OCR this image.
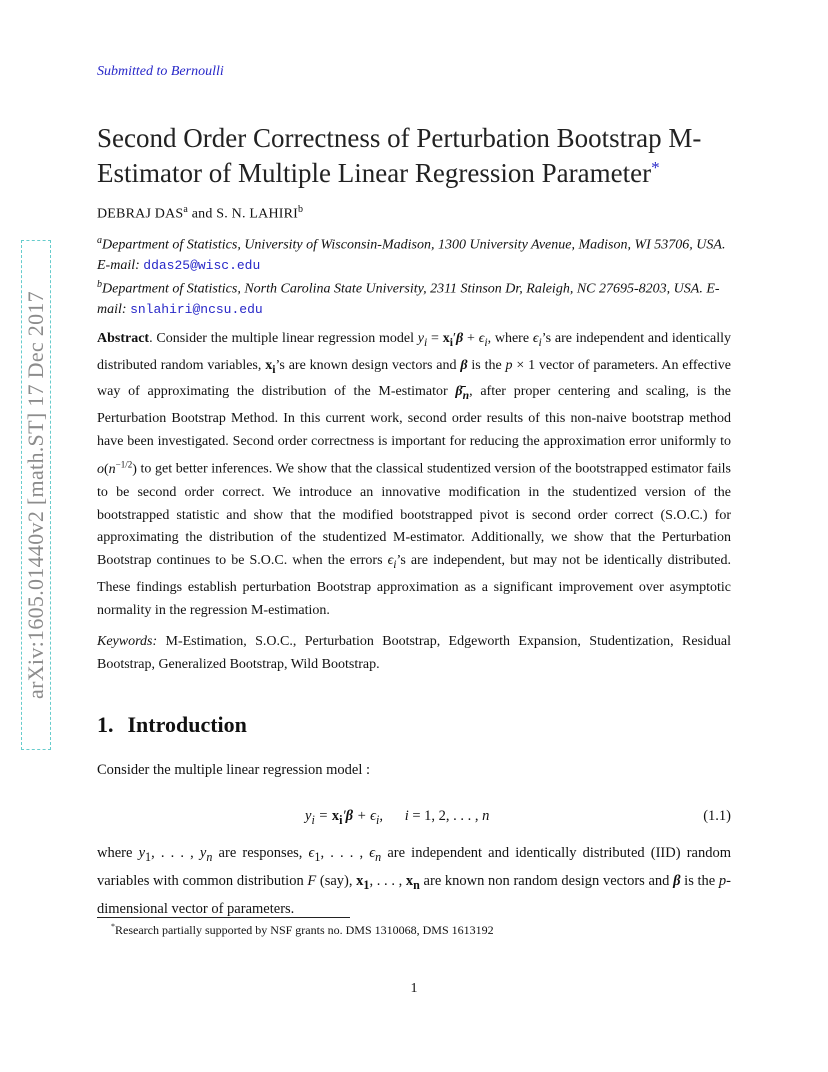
arXiv:1605.01440v2 [math.ST] 17 Dec 2017
Submitted to Bernoulli
Second Order Correctness of Perturbation Bootstrap M-Estimator of Multiple Linear Regression Parameter*
DEBRAJ DAS$^a$ and S. N. LAHIRI$^b$
$^a$Department of Statistics, University of Wisconsin-Madison, 1300 University Avenue, Madison, WI 53706, USA. E-mail: ddas25@wisc.edu
$^b$Department of Statistics, North Carolina State University, 2311 Stinson Dr, Raleigh, NC 27695-8203, USA. E-mail: snlahiri@ncsu.edu
Abstract. Consider the multiple linear regression model $y_i = x_i'\beta + \epsilon_i$, where $\epsilon_i’s$ are independent and identically distributed random variables, $x_i’s$ are known design vectors and β is the p × 1 vector of parameters. An effective way of approximating the distribution of the M-estimator $\betā_n$, after proper centering and scaling, is the Perturbation Bootstrap Method. In this current work, second order results of this non-naive bootstrap method have been investigated. Second order correctness is important for reducing the approximation error uniformly to $o(n^{-1/2})$ to get better inferences. We show that the classical studentized version of the bootstrapped estimator fails to be second order correct. We introduce an innovative modification in the studentized version of the bootstrapped statistic and show that the modified bootstrapped pivot is second order correct (S.O.C.) for approximating the distribution of the studentized M-estimator. Additionally, we show that the Perturbation Bootstrap continues to be S.O.C. when the errors $\epsilon_i’s$ are independent, but may not be identically distributed. These findings establish perturbation Bootstrap approximation as a significant improvement over asymptotic normality in the regression M-estimation.
Keywords: M-Estimation, S.O.C., Perturbation Bootstrap, Edgeworth Expansion, Studentization, Residual Bootstrap, Generalized Bootstrap, Wild Bootstrap.
1. Introduction
Consider the multiple linear regression model :
$y_i = x_i'\beta + \epsilon_i$,      i = 1, 2, . . . , n	(1.1)
where $y_1$, . . . , $y_n$ are responses, $\epsilon_1$, . . . , $\epsilon_n$ are independent and identically distributed (IID) random variables with common distribution F (say), $x_1$, . . . , $x_n$ are known non random design vectors and β is the p-dimensional vector of parameters.
*Research partially supported by NSF grants no. DMS 1310068, DMS 1613192
1
